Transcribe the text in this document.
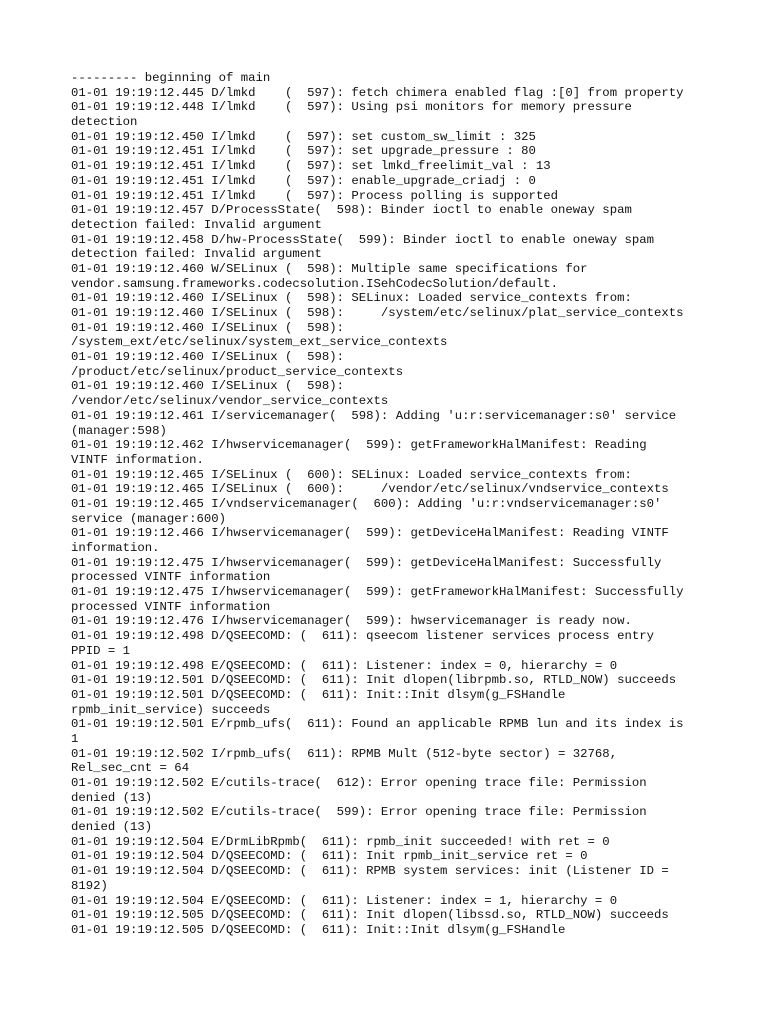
--------- beginning of main
01-01 19:19:12.445 D/lmkd    (  597): fetch chimera enabled flag :[0] from property
01-01 19:19:12.448 I/lmkd    (  597): Using psi monitors for memory pressure
detection
01-01 19:19:12.450 I/lmkd    (  597): set custom_sw_limit : 325
01-01 19:19:12.451 I/lmkd    (  597): set upgrade_pressure : 80
01-01 19:19:12.451 I/lmkd    (  597): set lmkd_freelimit_val : 13
01-01 19:19:12.451 I/lmkd    (  597): enable_upgrade_criadj : 0
01-01 19:19:12.451 I/lmkd    (  597): Process polling is supported
01-01 19:19:12.457 D/ProcessState(  598): Binder ioctl to enable oneway spam
detection failed: Invalid argument
01-01 19:19:12.458 D/hw-ProcessState(  599): Binder ioctl to enable oneway spam
detection failed: Invalid argument
01-01 19:19:12.460 W/SELinux (  598): Multiple same specifications for
vendor.samsung.frameworks.codecsolution.ISehCodecSolution/default.
01-01 19:19:12.460 I/SELinux (  598): SELinux: Loaded service_contexts from:
01-01 19:19:12.460 I/SELinux (  598):     /system/etc/selinux/plat_service_contexts
01-01 19:19:12.460 I/SELinux (  598):
/system_ext/etc/selinux/system_ext_service_contexts
01-01 19:19:12.460 I/SELinux (  598):
/product/etc/selinux/product_service_contexts
01-01 19:19:12.460 I/SELinux (  598):
/vendor/etc/selinux/vendor_service_contexts
01-01 19:19:12.461 I/servicemanager(  598): Adding 'u:r:servicemanager:s0' service
(manager:598)
01-01 19:19:12.462 I/hwservicemanager(  599): getFrameworkHalManifest: Reading
VINTF information.
01-01 19:19:12.465 I/SELinux (  600): SELinux: Loaded service_contexts from:
01-01 19:19:12.465 I/SELinux (  600):     /vendor/etc/selinux/vndservice_contexts
01-01 19:19:12.465 I/vndservicemanager(  600): Adding 'u:r:vndservicemanager:s0'
service (manager:600)
01-01 19:19:12.466 I/hwservicemanager(  599): getDeviceHalManifest: Reading VINTF
information.
01-01 19:19:12.475 I/hwservicemanager(  599): getDeviceHalManifest: Successfully
processed VINTF information
01-01 19:19:12.475 I/hwservicemanager(  599): getFrameworkHalManifest: Successfully
processed VINTF information
01-01 19:19:12.476 I/hwservicemanager(  599): hwservicemanager is ready now.
01-01 19:19:12.498 D/QSEECOMD: (  611): qseecom listener services process entry
PPID = 1
01-01 19:19:12.498 E/QSEECOMD: (  611): Listener: index = 0, hierarchy = 0
01-01 19:19:12.501 D/QSEECOMD: (  611): Init dlopen(librpmb.so, RTLD_NOW) succeeds
01-01 19:19:12.501 D/QSEECOMD: (  611): Init::Init dlsym(g_FSHandle
rpmb_init_service) succeeds
01-01 19:19:12.501 E/rpmb_ufs(  611): Found an applicable RPMB lun and its index is
1
01-01 19:19:12.502 I/rpmb_ufs(  611): RPMB Mult (512-byte sector) = 32768,
Rel_sec_cnt = 64
01-01 19:19:12.502 E/cutils-trace(  612): Error opening trace file: Permission
denied (13)
01-01 19:19:12.502 E/cutils-trace(  599): Error opening trace file: Permission
denied (13)
01-01 19:19:12.504 E/DrmLibRpmb(  611): rpmb_init succeeded! with ret = 0
01-01 19:19:12.504 D/QSEECOMD: (  611): Init rpmb_init_service ret = 0
01-01 19:19:12.504 D/QSEECOMD: (  611): RPMB system services: init (Listener ID =
8192)
01-01 19:19:12.504 E/QSEECOMD: (  611): Listener: index = 1, hierarchy = 0
01-01 19:19:12.505 D/QSEECOMD: (  611): Init dlopen(libssd.so, RTLD_NOW) succeeds
01-01 19:19:12.505 D/QSEECOMD: (  611): Init::Init dlsym(g_FSHandle
